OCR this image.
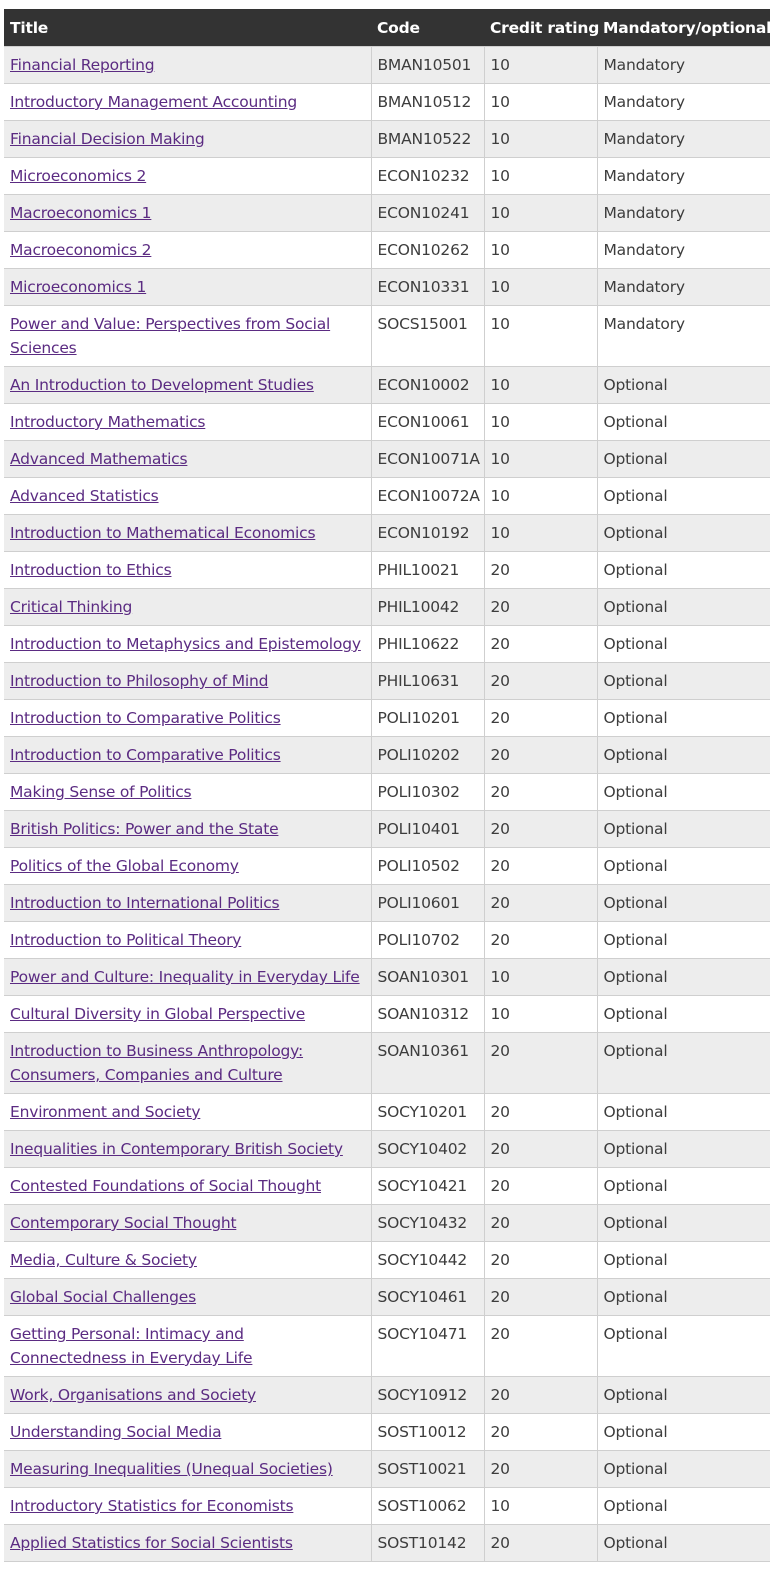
Title	Code	Credit rating	Mandatory/optional
Financial Reporting	BMAN10501	10	Mandatory
Introductory Management Accounting	BMAN10512	10	Mandatory
Financial Decision Making	BMAN10522	10	Mandatory
Microeconomics 2	ECON10232	10	Mandatory
Macroeconomics 1	ECON10241	10	Mandatory
Macroeconomics 2	ECON10262	10	Mandatory
Microeconomics 1	ECON10331	10	Mandatory
Power and Value: Perspectives from Social Sciences	SOCS15001	10	Mandatory
An Introduction to Development Studies	ECON10002	10	Optional
Introductory Mathematics	ECON10061	10	Optional
Advanced Mathematics	ECON10071A	10	Optional
Advanced Statistics	ECON10072A	10	Optional
Introduction to Mathematical Economics	ECON10192	10	Optional
Introduction to Ethics	PHIL10021	20	Optional
Critical Thinking	PHIL10042	20	Optional
Introduction to Metaphysics and Epistemology	PHIL10622	20	Optional
Introduction to Philosophy of Mind	PHIL10631	20	Optional
Introduction to Comparative Politics	POLI10201	20	Optional
Introduction to Comparative Politics	POLI10202	20	Optional
Making Sense of Politics	POLI10302	20	Optional
British Politics: Power and the State	POLI10401	20	Optional
Politics of the Global Economy	POLI10502	20	Optional
Introduction to International Politics	POLI10601	20	Optional
Introduction to Political Theory	POLI10702	20	Optional
Power and Culture: Inequality in Everyday Life	SOAN10301	10	Optional
Cultural Diversity in Global Perspective	SOAN10312	10	Optional
Introduction to Business Anthropology: Consumers, Companies and Culture	SOAN10361	20	Optional
Environment and Society	SOCY10201	20	Optional
Inequalities in Contemporary British Society	SOCY10402	20	Optional
Contested Foundations of Social Thought	SOCY10421	20	Optional
Contemporary Social Thought	SOCY10432	20	Optional
Media, Culture & Society	SOCY10442	20	Optional
Global Social Challenges	SOCY10461	20	Optional
Getting Personal: Intimacy and Connectedness in Everyday Life	SOCY10471	20	Optional
Work, Organisations and Society	SOCY10912	20	Optional
Understanding Social Media	SOST10012	20	Optional
Measuring Inequalities (Unequal Societies)	SOST10021	20	Optional
Introductory Statistics for Economists	SOST10062	10	Optional
Applied Statistics for Social Scientists	SOST10142	20	Optional
